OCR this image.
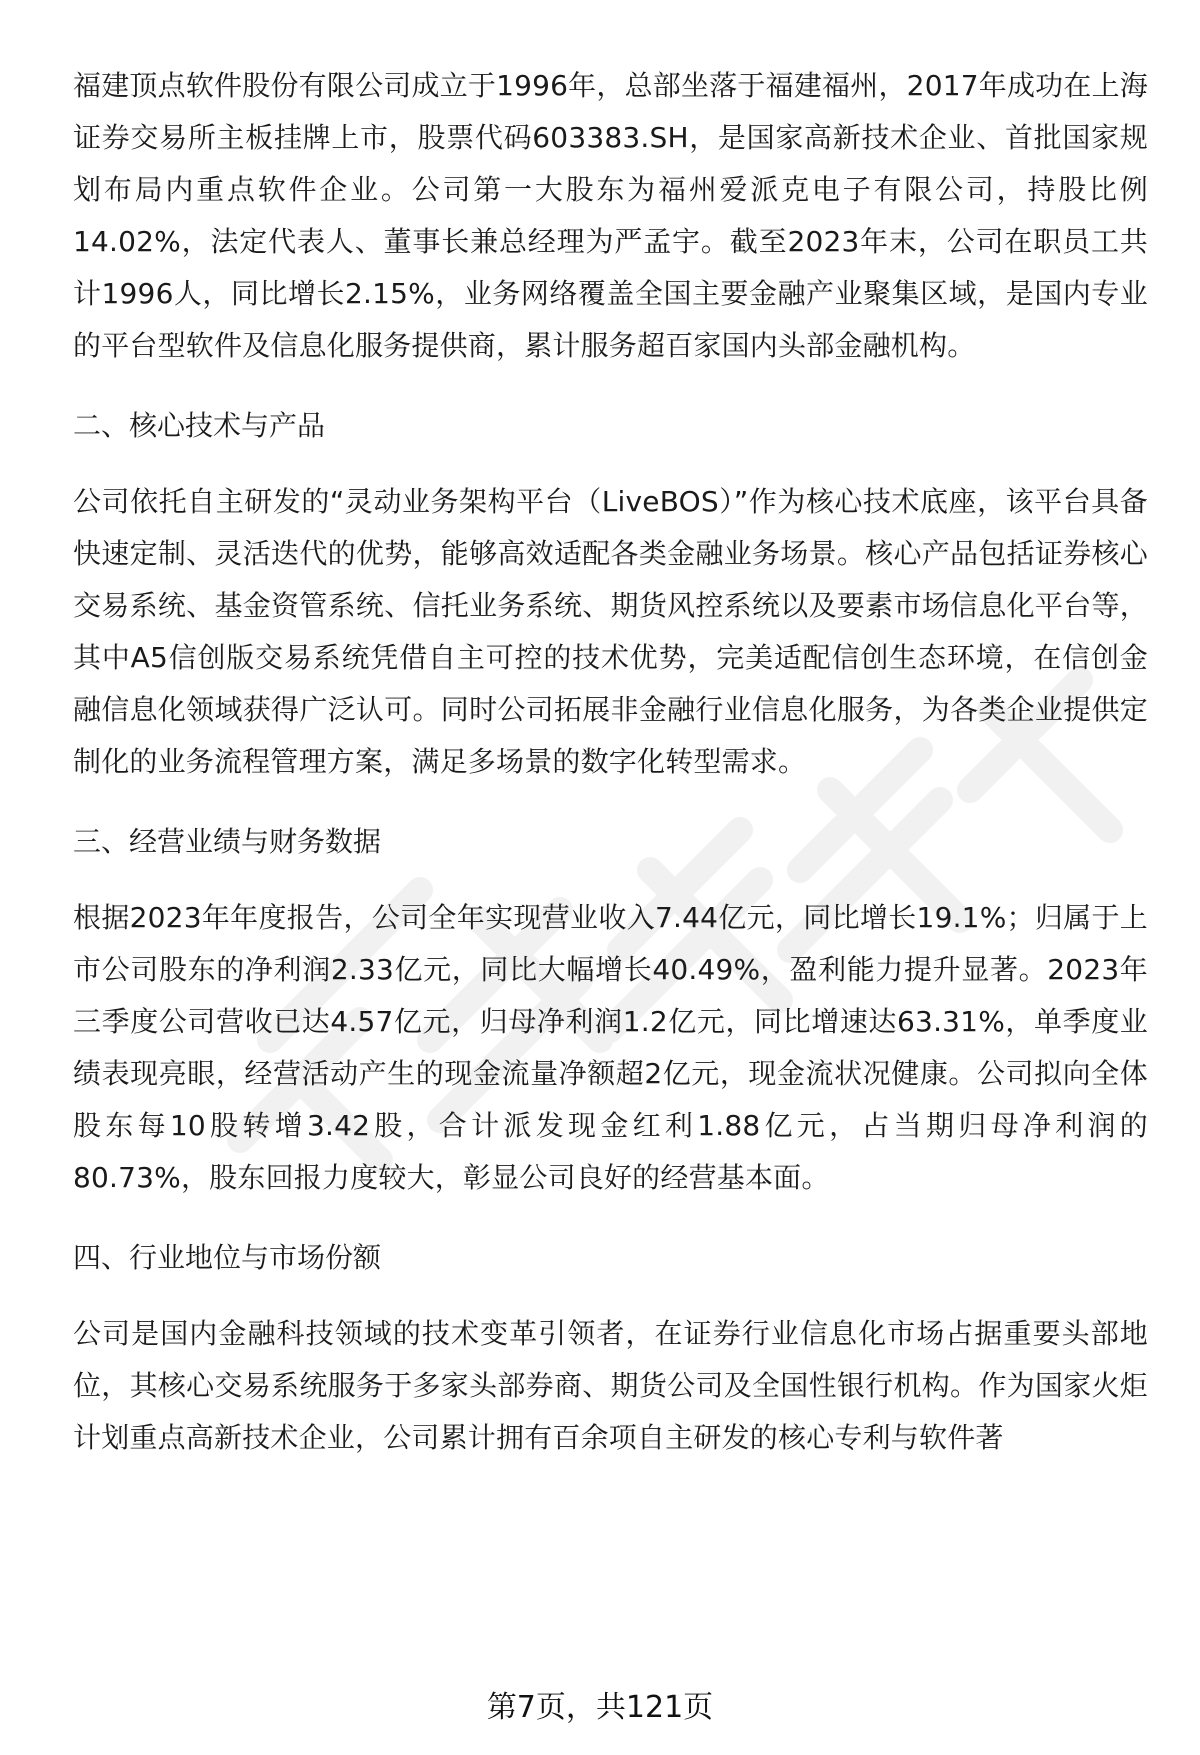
福建顶点软件股份有限公司成立于1996年，总部坐落于福建福州，2017年成功在上海证券交易所主板挂牌上市，股票代码603383.SH，是国家高新技术企业、首批国家规划布局内重点软件企业。公司第一大股东为福州爱派克电子有限公司，持股比例14.02%，法定代表人、董事长兼总经理为严孟宇。截至2023年末，公司在职员工共计1996人，同比增长2.15%，业务网络覆盖全国主要金融产业聚集区域，是国内专业的平台型软件及信息化服务提供商，累计服务超百家国内头部金融机构。

二、核心技术与产品

公司依托自主研发的“灵动业务架构平台（LiveBOS）”作为核心技术底座，该平台具备快速定制、灵活迭代的优势，能够高效适配各类金融业务场景。核心产品包括证券核心交易系统、基金资管系统、信托业务系统、期货风控系统以及要素市场信息化平台等，其中A5信创版交易系统凭借自主可控的技术优势，完美适配信创生态环境，在信创金融信息化领域获得广泛认可。同时公司拓展非金融行业信息化服务，为各类企业提供定制化的业务流程管理方案，满足多场景的数字化转型需求。

三、经营业绩与财务数据

根据2023年年度报告，公司全年实现营业收入7.44亿元，同比增长19.1%；归属于上市公司股东的净利润2.33亿元，同比大幅增长40.49%，盈利能力提升显著。2023年三季度公司营收已达4.57亿元，归母净利润1.2亿元，同比增速达63.31%，单季度业绩表现亮眼，经营活动产生的现金流量净额超2亿元，现金流状况健康。公司拟向全体股东每10股转增3.42股，合计派发现金红利1.88亿元，占当期归母净利润的80.73%，股东回报力度较大，彰显公司良好的经营基本面。

四、行业地位与市场份额

公司是国内金融科技领域的技术变革引领者，在证券行业信息化市场占据重要头部地位，其核心交易系统服务于多家头部券商、期货公司及全国性银行机构。作为国家火炬计划重点高新技术企业，公司累计拥有百余项自主研发的核心专利与软件著

第7页，共121页
